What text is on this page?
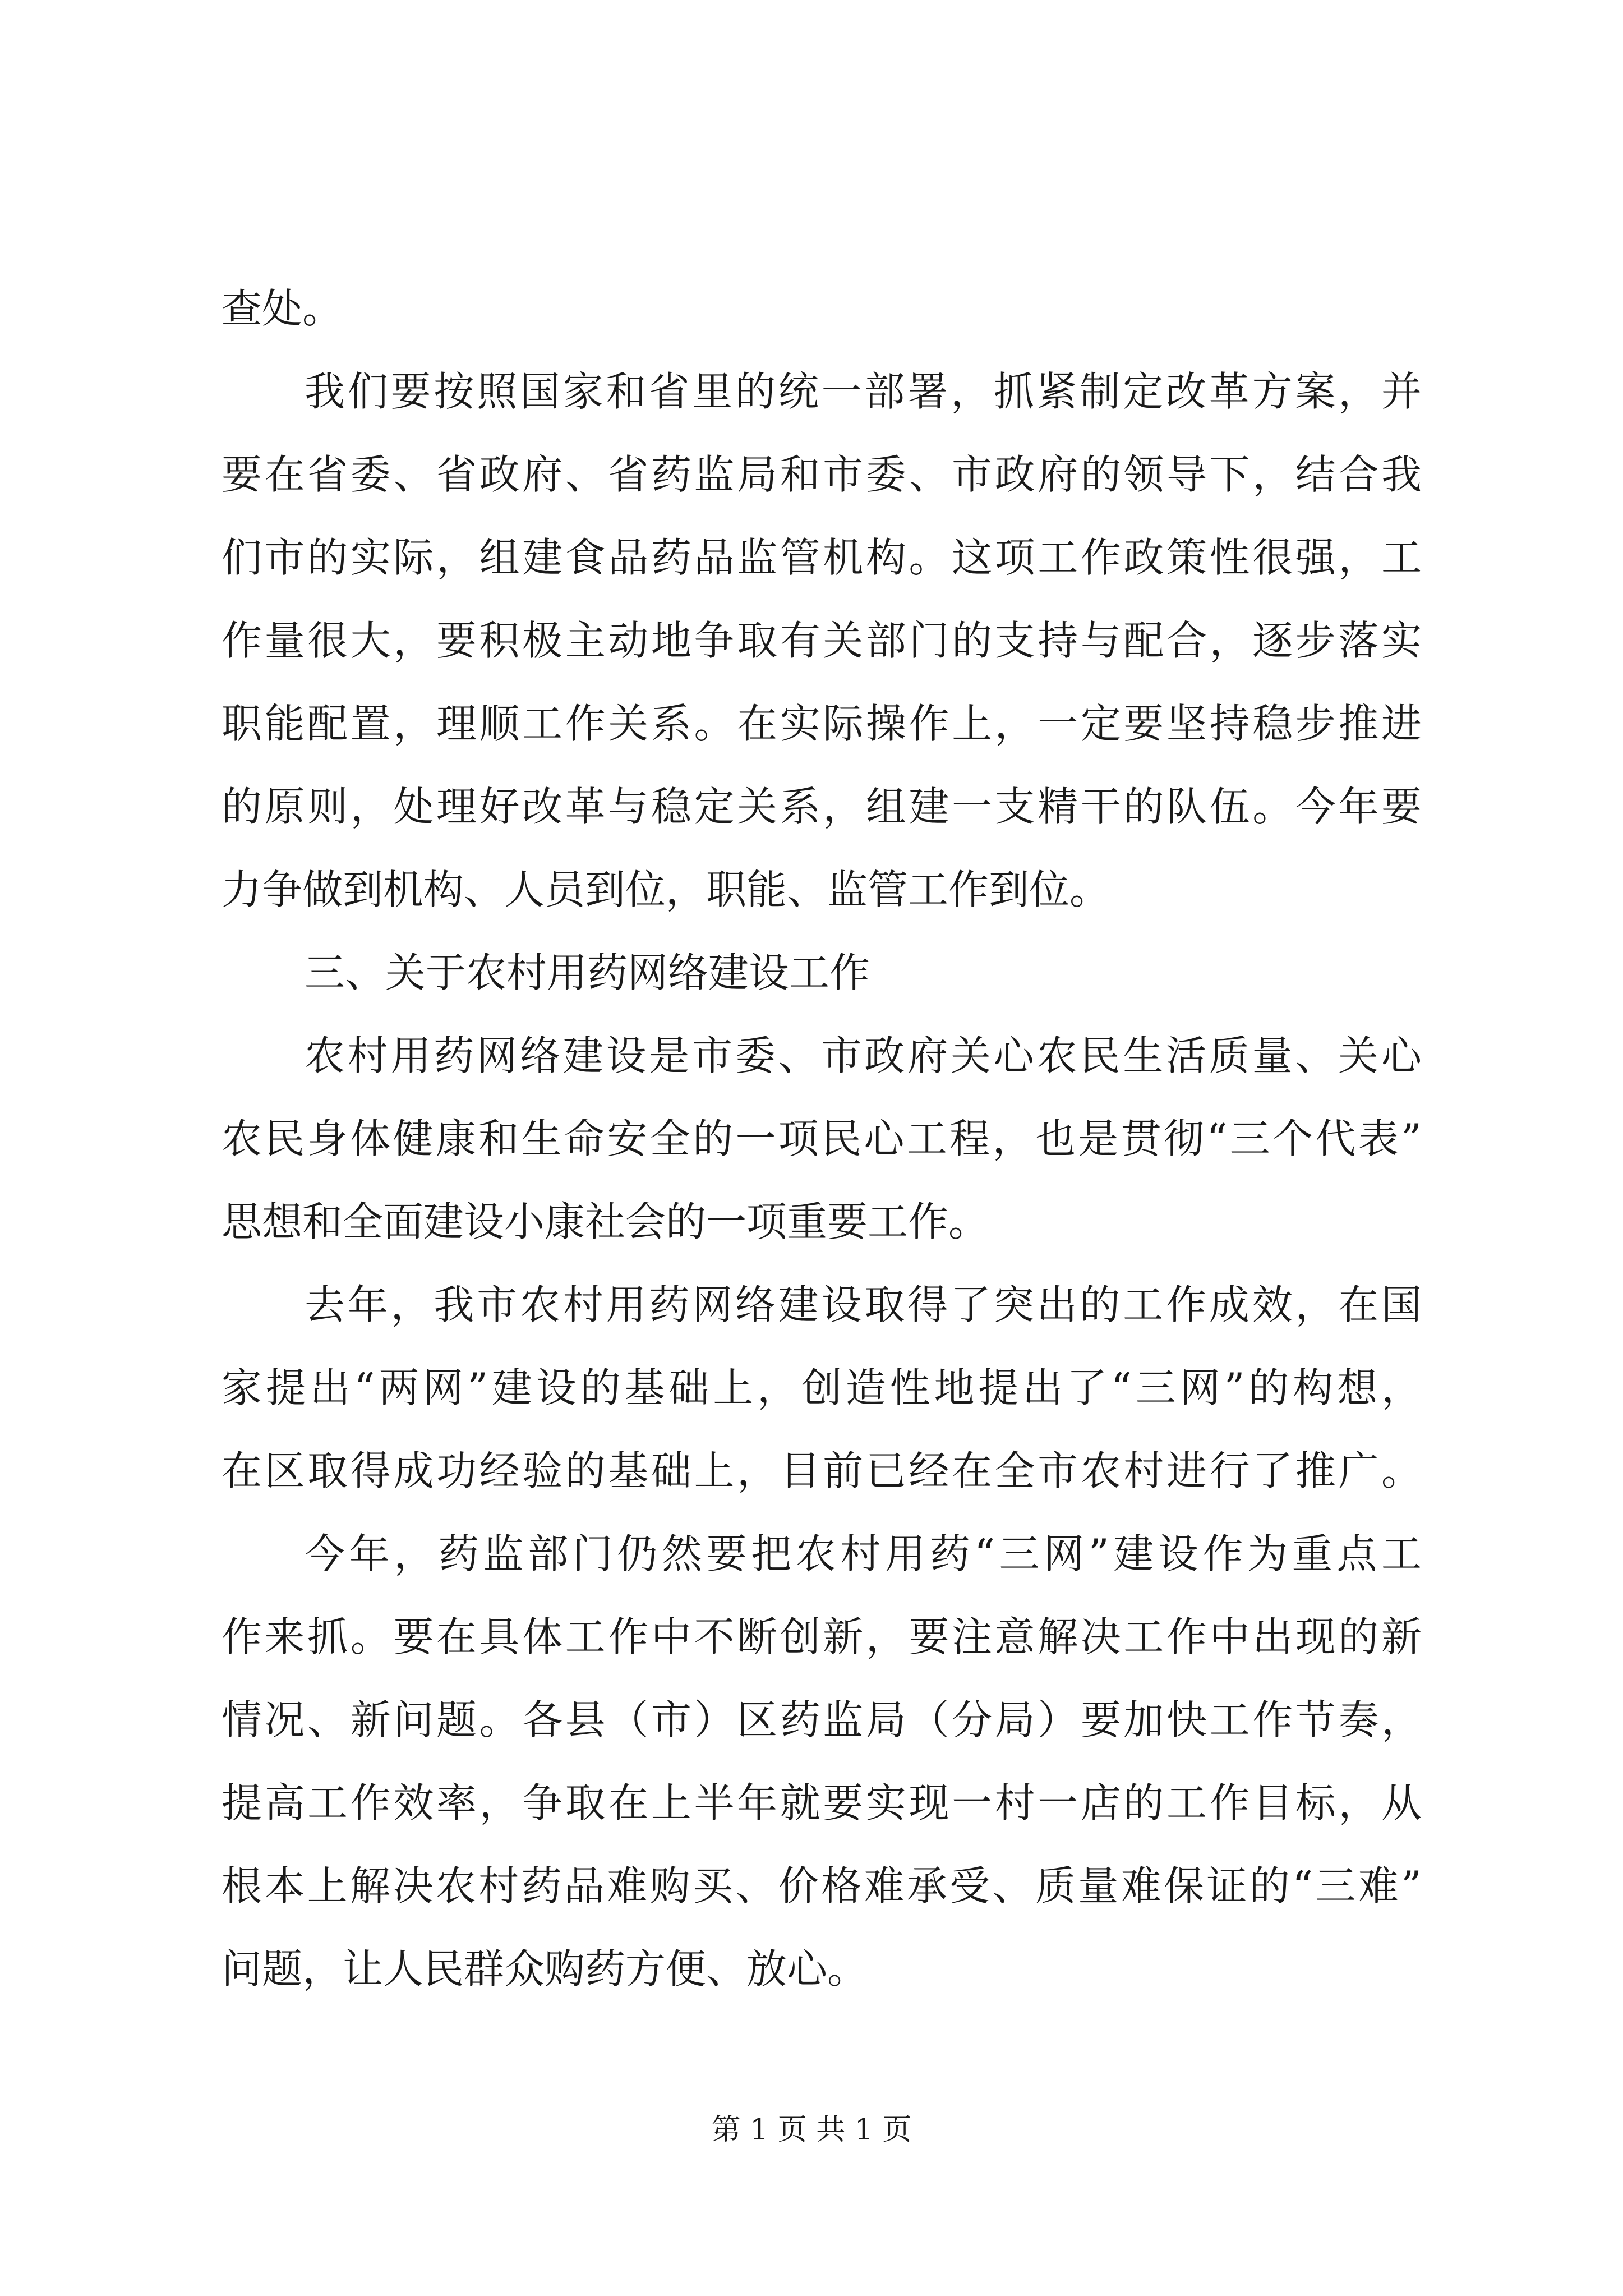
查处。
我们要按照国家和省里的统一部署，抓紧制定改革方案，并
要在省委、省政府、省药监局和市委、市政府的领导下，结合我
们市的实际，组建食品药品监管机构。这项工作政策性很强，工
作量很大，要积极主动地争取有关部门的支持与配合，逐步落实
职能配置，理顺工作关系。在实际操作上，一定要坚持稳步推进
的原则，处理好改革与稳定关系，组建一支精干的队伍。今年要
力争做到机构、人员到位，职能、监管工作到位。
三、关于农村用药网络建设工作
农村用药网络建设是市委、市政府关心农民生活质量、关心
农民身体健康和生命安全的一项民心工程，也是贯彻“三个代表”
思想和全面建设小康社会的一项重要工作。
去年，我市农村用药网络建设取得了突出的工作成效，在国
家提出“两网”建设的基础上，创造性地提出了“三网”的构想，
在区取得成功经验的基础上，目前已经在全市农村进行了推广。
今年，药监部门仍然要把农村用药“三网”建设作为重点工
作来抓。要在具体工作中不断创新，要注意解决工作中出现的新
情况、新问题。各县（市）区药监局（分局）要加快工作节奏，
提高工作效率，争取在上半年就要实现一村一店的工作目标，从
根本上解决农村药品难购买、价格难承受、质量难保证的“三难”
问题，让人民群众购药方便、放心。
第 1 页 共 1 页
